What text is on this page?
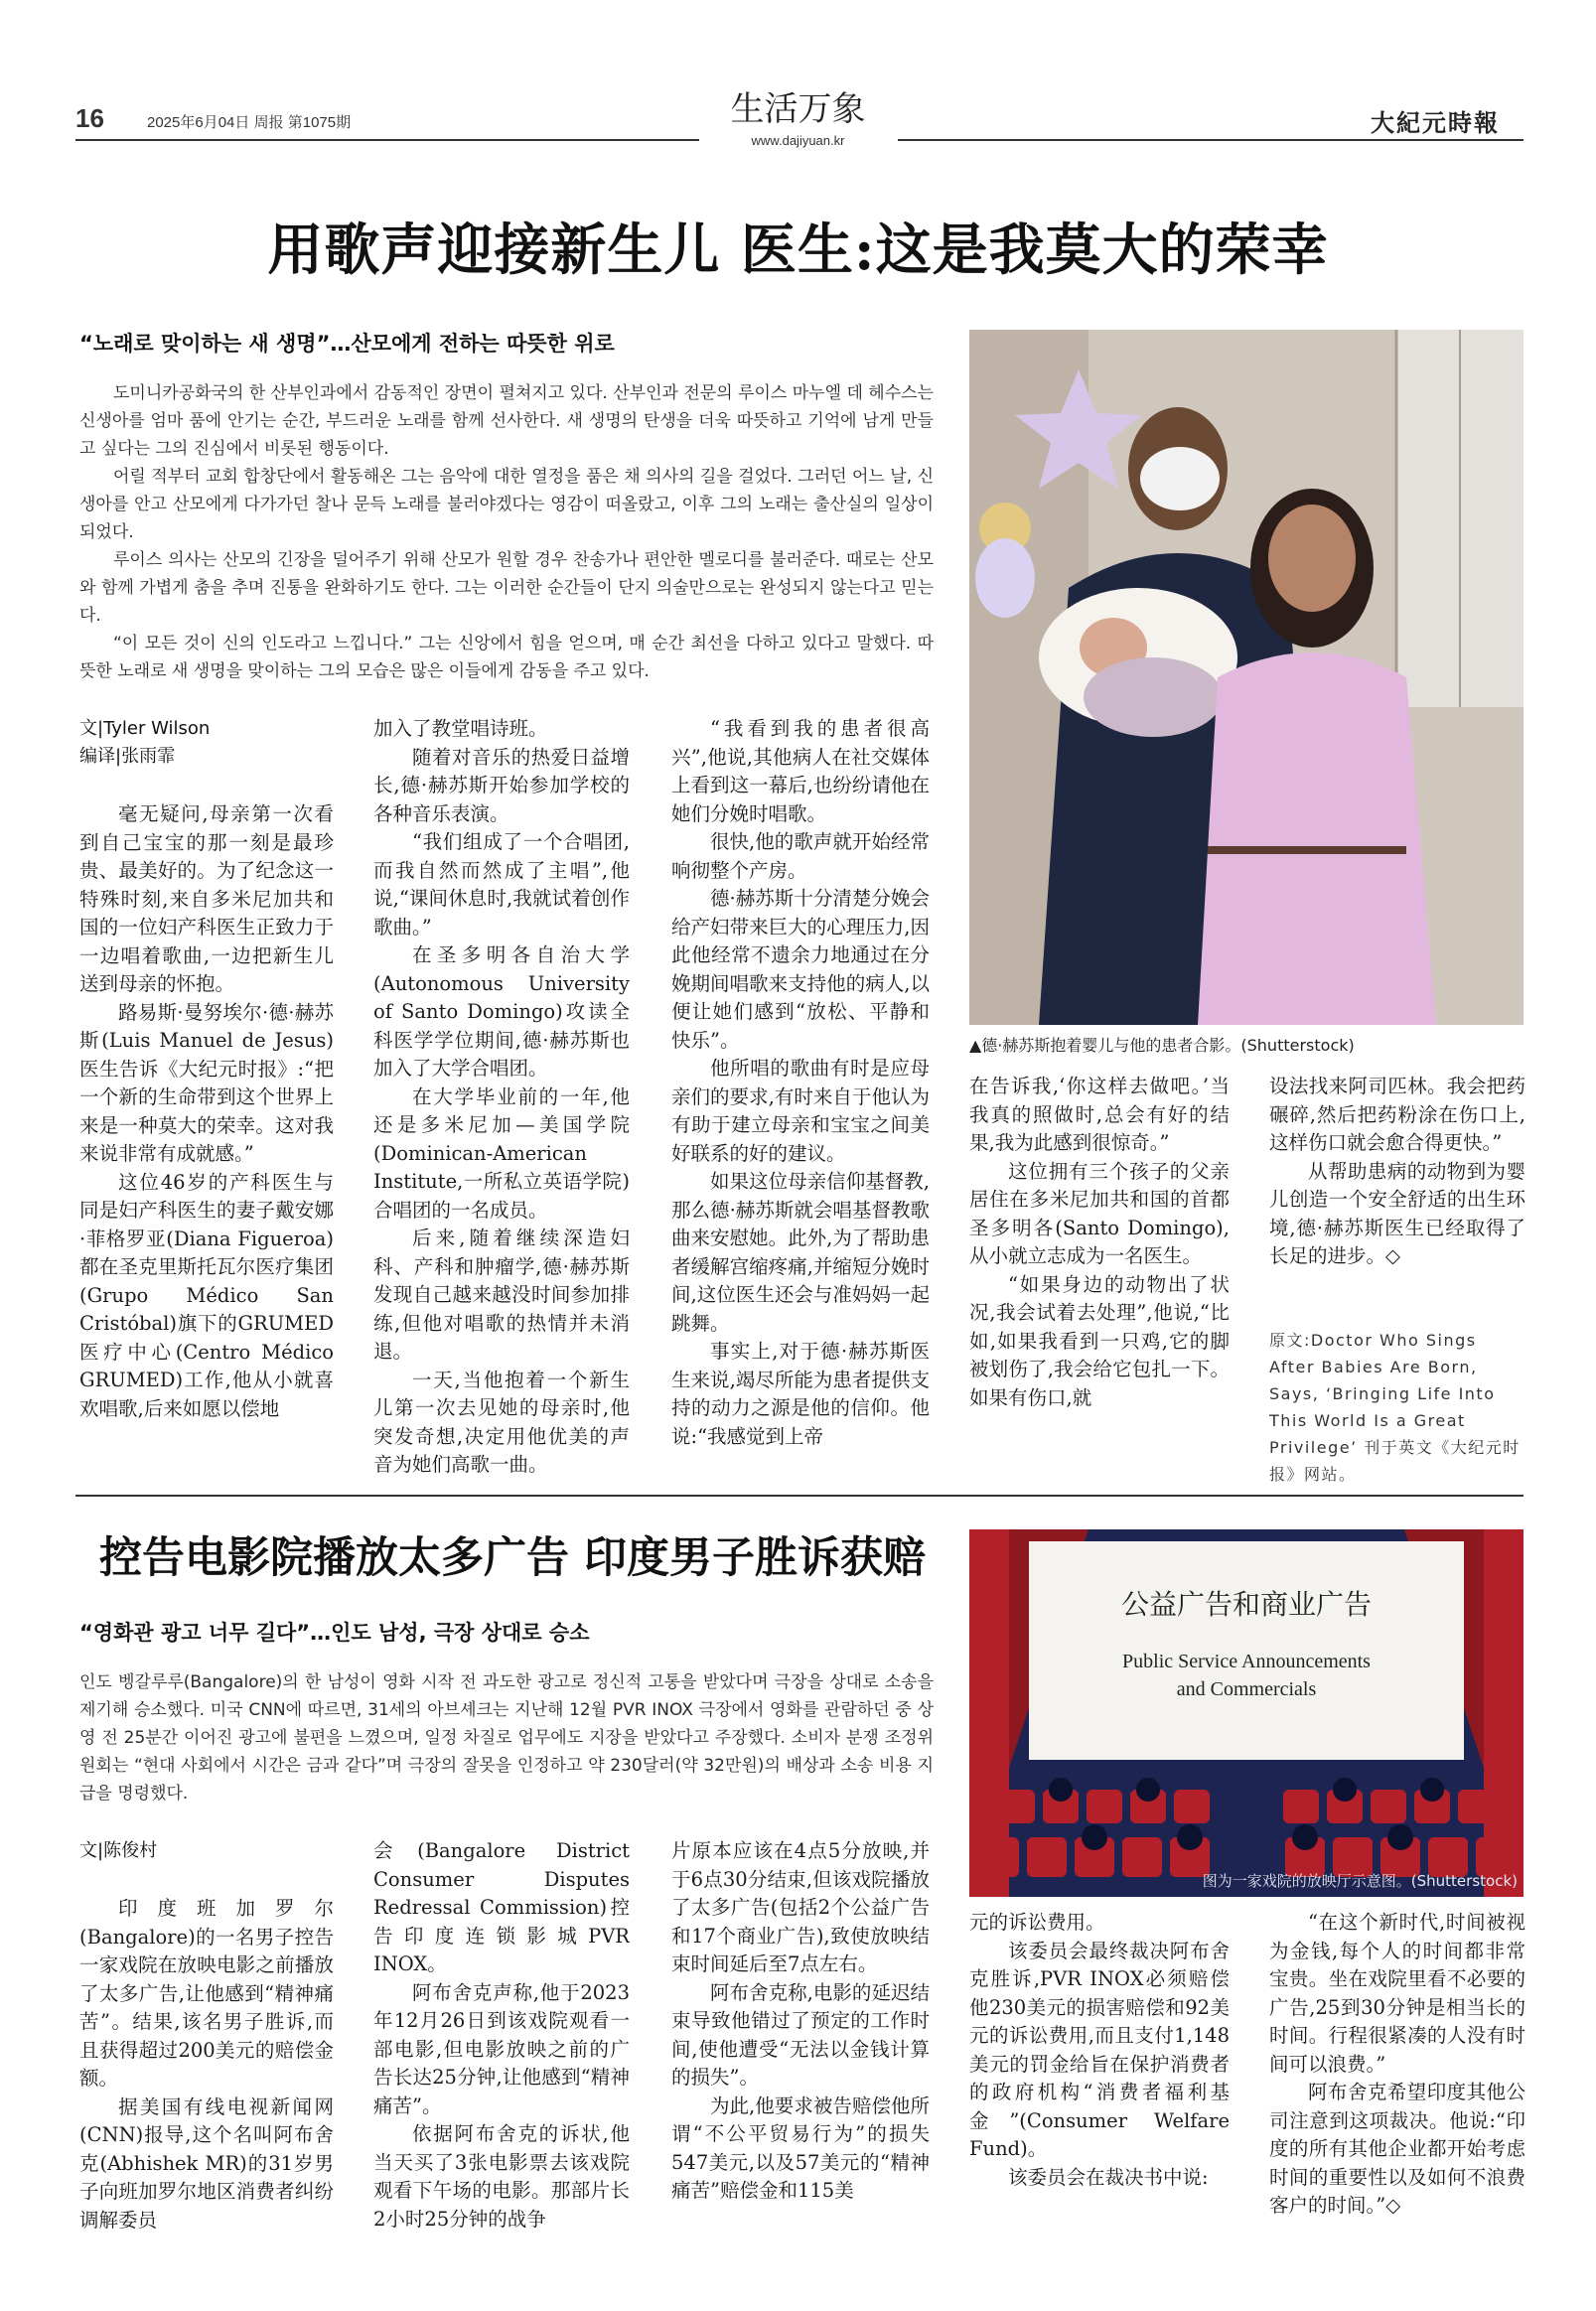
16	2025年6月04日 周报 第1075期	生活万象
www.dajiyuan.kr
大紀元時報
用歌声迎接新生儿 医生:这是我莫大的荣幸
“노래로 맞이하는 새 생명”…산모에게 전하는 따뜻한 위로

도미니카공화국의 한 산부인과에서 감동적인 장면이 펼쳐지고 있다. 산부인과 전문의 루이스 마누엘 데 헤수스는 신생아를 엄마 품에 안기는 순간, 부드러운 노래를 함께 선사한다. 새 생명의 탄생을 더욱 따뜻하고 기억에 남게 만들고 싶다는 그의 진심에서 비롯된 행동이다.

어릴 적부터 교회 합창단에서 활동해온 그는 음악에 대한 열정을 품은 채 의사의 길을 걸었다. 그러던 어느 날, 신생아를 안고 산모에게 다가가던 찰나 문득 노래를 불러야겠다는 영감이 떠올랐고, 이후 그의 노래는 출산실의 일상이 되었다.

루이스 의사는 산모의 긴장을 덜어주기 위해 산모가 원할 경우 찬송가나 편안한 멜로디를 불러준다. 때로는 산모와 함께 가볍게 춤을 추며 진통을 완화하기도 한다. 그는 이러한 순간들이 단지 의술만으로는 완성되지 않는다고 믿는다.

“이 모든 것이 신의 인도라고 느낍니다.” 그는 신앙에서 힘을 얻으며, 매 순간 최선을 다하고 있다고 말했다. 따뜻한 노래로 새 생명을 맞이하는 그의 모습은 많은 이들에게 감동을 주고 있다.

文|Tyler Wilson
编译|张雨霏

毫无疑问,母亲第一次看到自己宝宝的那一刻是最珍贵、最美好的。为了纪念这一特殊时刻,来自多米尼加共和国的一位妇产科医生正致力于一边唱着歌曲,一边把新生儿送到母亲的怀抱。

路易斯·曼努埃尔·德·赫苏斯(Luis Manuel de Jesus)医生告诉《大纪元时报》:“把一个新的生命带到这个世界上来是一种莫大的荣幸。这对我来说非常有成就感。”

这位46岁的产科医生与同是妇产科医生的妻子戴安娜·菲格罗亚(Diana Figueroa)都在圣克里斯托瓦尔医疗集团(Grupo Médico San Cristóbal)旗下的GRUMED医疗中心(Centro Médico GRUMED)工作,他从小就喜欢唱歌,后来如愿以偿地

加入了教堂唱诗班。

随着对音乐的热爱日益增长,德·赫苏斯开始参加学校的各种音乐表演。

“我们组成了一个合唱团,而我自然而然成了主唱”,他说,“课间休息时,我就试着创作歌曲。”

在圣多明各自治大学(Autonomous University of Santo Domingo)攻读全科医学学位期间,德·赫苏斯也加入了大学合唱团。

在大学毕业前的一年,他还是多米尼加—美国学院(Dominican-American Institute,一所私立英语学院)合唱团的一名成员。

后来,随着继续深造妇科、产科和肿瘤学,德·赫苏斯发现自己越来越没时间参加排练,但他对唱歌的热情并未消退。

一天,当他抱着一个新生儿第一次去见她的母亲时,他突发奇想,决定用他优美的声音为她们高歌一曲。

“我看到我的患者很高兴”,他说,其他病人在社交媒体上看到这一幕后,也纷纷请他在她们分娩时唱歌。

很快,他的歌声就开始经常响彻整个产房。

德·赫苏斯十分清楚分娩会给产妇带来巨大的心理压力,因此他经常不遗余力地通过在分娩期间唱歌来支持他的病人,以便让她们感到“放松、平静和快乐”。

他所唱的歌曲有时是应母亲们的要求,有时来自于他认为有助于建立母亲和宝宝之间美好联系的好的建议。

如果这位母亲信仰基督教,那么德·赫苏斯就会唱基督教歌曲来安慰她。此外,为了帮助患者缓解宫缩疼痛,并缩短分娩时间,这位医生还会与准妈妈一起跳舞。

事实上,对于德·赫苏斯医生来说,竭尽所能为患者提供支持的动力之源是他的信仰。他说:“我感觉到上帝

▲德·赫苏斯抱着婴儿与他的患者合影。(Shutterstock)

在告诉我,‘你这样去做吧。’当我真的照做时,总会有好的结果,我为此感到很惊奇。”

这位拥有三个孩子的父亲居住在多米尼加共和国的首都圣多明各(Santo Domingo),从小就立志成为一名医生。

“如果身边的动物出了状况,我会试着去处理”,他说,“比如,如果我看到一只鸡,它的脚被划伤了,我会给它包扎一下。如果有伤口,就

设法找来阿司匹林。我会把药碾碎,然后把药粉涂在伤口上,这样伤口就会愈合得更快。”

从帮助患病的动物到为婴儿创造一个安全舒适的出生环境,德·赫苏斯医生已经取得了长足的进步。◇

原文:Doctor Who Sings After Babies Are Born, Says, ‘Bringing Life Into This World Is a Great Privilege’ 刊于英文《大纪元时报》网站。
控告电影院播放太多广告 印度男子胜诉获赔
“영화관 광고 너무 길다”…인도 남성, 극장 상대로 승소

인도 벵갈루루(Bangalore)의 한 남성이 영화 시작 전 과도한 광고로 정신적 고통을 받았다며 극장을 상대로 소송을 제기해 승소했다. 미국 CNN에 따르면, 31세의 아브셰크는 지난해 12월 PVR INOX 극장에서 영화를 관람하던 중 상영 전 25분간 이어진 광고에 불편을 느꼈으며, 일정 차질로 업무에도 지장을 받았다고 주장했다. 소비자 분쟁 조정위원회는 “현대 사회에서 시간은 금과 같다”며 극장의 잘못을 인정하고 약 230달러(약 32만원)의 배상과 소송 비용 지급을 명령했다.

文|陈俊村

印度班加罗尔(Bangalore)的一名男子控告一家戏院在放映电影之前播放了太多广告,让他感到“精神痛苦”。结果,该名男子胜诉,而且获得超过200美元的赔偿金额。

据美国有线电视新闻网(CNN)报导,这个名叫阿布舍克(Abhishek MR)的31岁男子向班加罗尔地区消费者纠纷调解委员

会(Bangalore District Consumer Disputes Redressal Commission)控告印度连锁影城PVR INOX。

阿布舍克声称,他于2023年12月26日到该戏院观看一部电影,但电影放映之前的广告长达25分钟,让他感到“精神痛苦”。

依据阿布舍克的诉状,他当天买了3张电影票去该戏院观看下午场的电影。那部片长2小时25分钟的战争

片原本应该在4点5分放映,并于6点30分结束,但该戏院播放了太多广告(包括2个公益广告和17个商业广告),致使放映结束时间延后至7点左右。

阿布舍克称,电影的延迟结束导致他错过了预定的工作时间,使他遭受“无法以金钱计算的损失”。

为此,他要求被告赔偿他所谓“不公平贸易行为”的损失547美元,以及57美元的“精神痛苦”赔偿金和115美

公益广告和商业广告
Public Service Announcements
and Commercials
图为一家戏院的放映厅示意图。(Shutterstock)

元的诉讼费用。

该委员会最终裁决阿布舍克胜诉,PVR INOX必须赔偿他230美元的损害赔偿和92美元的诉讼费用,而且支付1,148美元的罚金给旨在保护消费者的政府机构“消费者福利基金”(Consumer Welfare Fund)。

该委员会在裁决书中说:

“在这个新时代,时间被视为金钱,每个人的时间都非常宝贵。坐在戏院里看不必要的广告,25到30分钟是相当长的时间。行程很紧凑的人没有时间可以浪费。”

阿布舍克希望印度其他公司注意到这项裁决。他说:“印度的所有其他企业都开始考虑时间的重要性以及如何不浪费客户的时间。”◇
